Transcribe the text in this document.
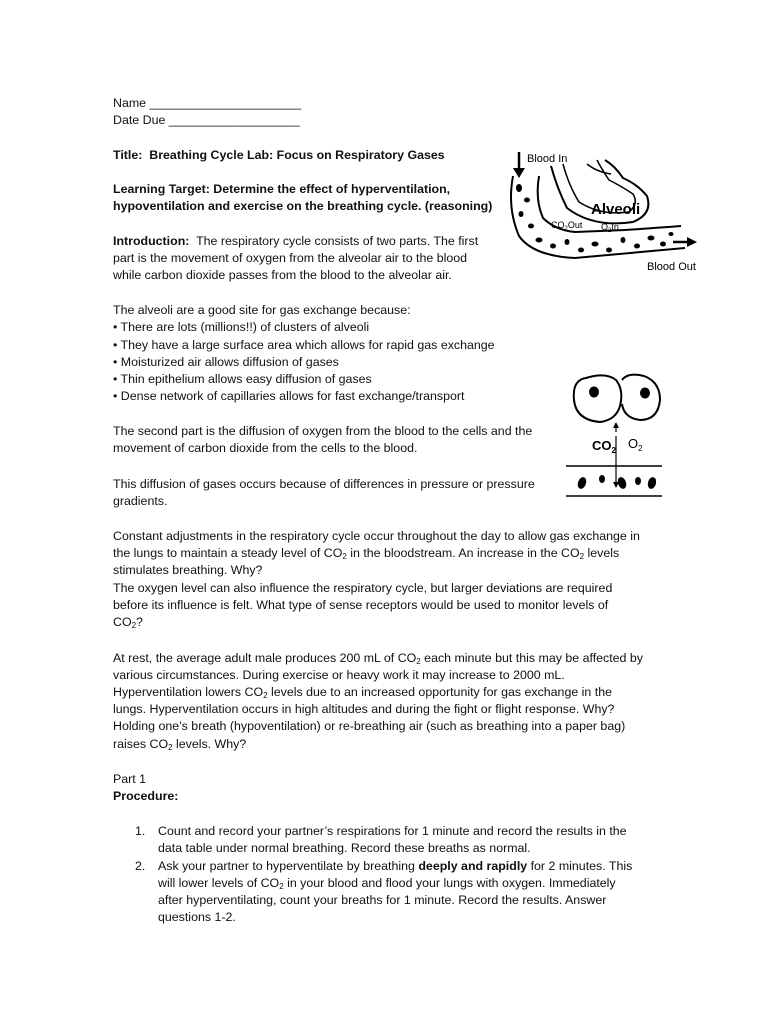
Name ______________________
Date Due ___________________
Title: Breathing Cycle Lab: Focus on Respiratory Gases
Learning Target: Determine the effect of hyperventilation,
hypoventilation and exercise on the breathing cycle. (reasoning)
Introduction: The respiratory cycle consists of two parts. The first
part is the movement of oxygen from the alveolar air to the blood
while carbon dioxide passes from the blood to the alveolar air.
The alveoli are a good site for gas exchange because:
• There are lots (millions!!) of clusters of alveoli
• They have a large surface area which allows for rapid gas exchange
• Moisturized air allows diffusion of gases
• Thin epithelium allows easy diffusion of gases
• Dense network of capillaries allows for fast exchange/transport
The second part is the diffusion of oxygen from the blood to the cells and the
movement of carbon dioxide from the cells to the blood.
This diffusion of gases occurs because of differences in pressure or pressure
gradients.
Constant adjustments in the respiratory cycle occur throughout the day to allow gas exchange in
the lungs to maintain a steady level of $CO_2$ in the bloodstream. An increase in the $CO_2$ levels
stimulates breathing. Why?
The oxygen level can also influence the respiratory cycle, but larger deviations are required
before its influence is felt. What type of sense receptors would be used to monitor levels of
$CO_2$?
At rest, the average adult male produces 200 mL of $CO_2$ each minute but this may be affected by
various circumstances. During exercise or heavy work it may increase to 2000 mL.
Hyperventilation lowers $CO_2$ levels due to an increased opportunity for gas exchange in the
lungs. Hyperventilation occurs in high altitudes and during the fight or flight response. Why?
Holding one’s breath (hypoventilation) or re-breathing air (such as breathing into a paper bag)
raises $CO_2$ levels. Why?
Part 1
Procedure:
1. Count and record your partner’s respirations for 1 minute and record the results in the
data table under normal breathing. Record these breaths as normal.
2. Ask your partner to hyperventilate by breathing deeply and rapidly for 2 minutes. This
will lower levels of $CO_2$ in your blood and flood your lungs with oxygen. Immediately
after hyperventilating, count your breaths for 1 minute. Record the results. Answer
questions 1-2.
Blood In
Alveoli
$CO_2Out$ $O_2In$
Blood Out
$CO_2$ $O_2$
